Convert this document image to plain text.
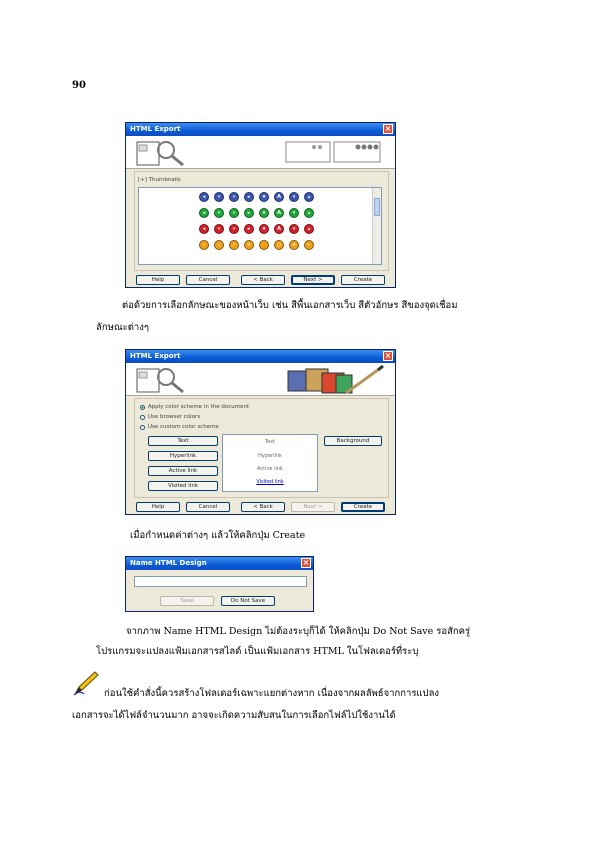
90
HTML Export	×
[+] Thumbnails
◂	«	»	▸	★	A	▾	▴
◂	«	»	▸	★	A	▾	▴
◂	«	»	▸	★	A	▾	▴
‹	›	›	»	○	+	–
Help	Cancel	< Back	Next >	Create

ต่อด้วยการเลือกลักษณะของหน้าเว็บ เช่น สีพื้นเอกสารเว็บ สีตัวอักษร สีของจุดเชื่อม

ลักษณะต่างๆ

HTML Export	×
Apply color scheme in the document
Use browser colors
Use custom color scheme
Text
Hyperlink
Active link
Visited link
Text
Hyperlink
Active link
Visited link
Background
Help	Cancel	< Back	Next >	Create

เมื่อกำหนดค่าต่างๆ แล้วให้คลิกปุ่ม Create

Name HTML Design	×
Save	Do Not Save

จากภาพ Name HTML Design ไม่ต้องระบุก็ได้ ให้คลิกปุ่ม Do Not Save รอสักครู่

โปรแกรมจะแปลงแฟ้มเอกสารสไลด์ เป็นแฟ้มเอกสาร HTML ในโฟลเดอร์ที่ระบุ

ก่อนใช้คำสั่งนี้ควรสร้างโฟลเดอร์เฉพาะแยกต่างหาก เนื่องจากผลลัพธ์จากการแปลง

เอกสารจะได้ไฟล์จำนวนมาก อาจจะเกิดความสับสนในการเลือกไฟล์ไปใช้งานได้
